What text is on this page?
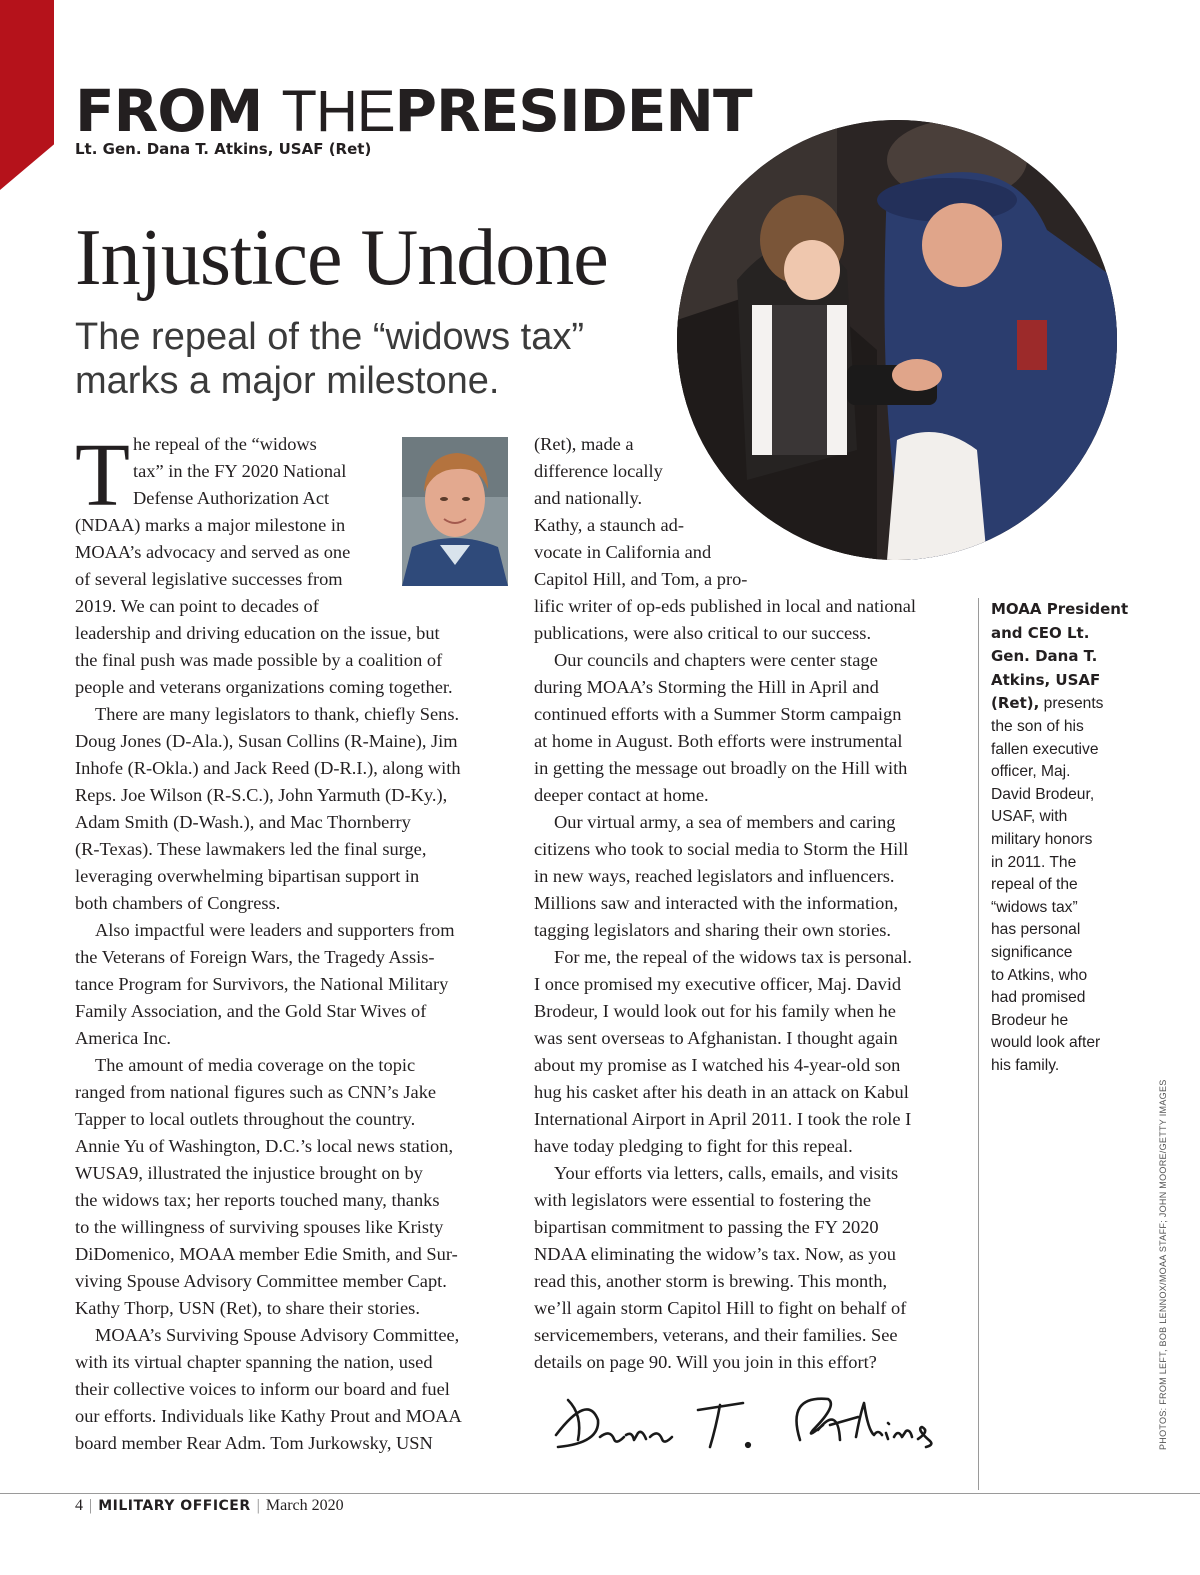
FROM THEPRESIDENT
Lt. Gen. Dana T. Atkins, USAF (Ret)
Injustice Undone
The repeal of the “widows tax”
marks a major milestone.
T he repeal of the “widows
tax” in the FY 2020 National
Defense Authorization Act
(NDAA) marks a major milestone in
MOAA’s advocacy and served as one
of several legislative successes from
2019. We can point to decades of
leadership and driving education on the issue, but
the final push was made possible by a coalition of
people and veterans organizations coming together.
There are many legislators to thank, chiefly Sens.
Doug Jones (D-Ala.), Susan Collins (R-Maine), Jim
Inhofe (R-Okla.) and Jack Reed (D-R.I.), along with
Reps. Joe Wilson (R-S.C.), John Yarmuth (D-Ky.),
Adam Smith (D-Wash.), and Mac Thornberry
(R-Texas). These lawmakers led the final surge,
leveraging overwhelming bipartisan support in
both chambers of Congress.
Also impactful were leaders and supporters from
the Veterans of Foreign Wars, the Tragedy Assis-
tance Program for Survivors, the National Military
Family Association, and the Gold Star Wives of
America Inc.
The amount of media coverage on the topic
ranged from national figures such as CNN’s Jake
Tapper to local outlets throughout the country.
Annie Yu of Washington, D.C.’s local news station,
WUSA9, illustrated the injustice brought on by
the widows tax; her reports touched many, thanks
to the willingness of surviving spouses like Kristy
DiDomenico, MOAA member Edie Smith, and Sur-
viving Spouse Advisory Committee member Capt.
Kathy Thorp, USN (Ret), to share their stories.
MOAA’s Surviving Spouse Advisory Committee,
with its virtual chapter spanning the nation, used
their collective voices to inform our board and fuel
our efforts. Individuals like Kathy Prout and MOAA
board member Rear Adm. Tom Jurkowsky, USN
(Ret), made a
difference locally
and nationally.
Kathy, a staunch ad-
vocate in California and
Capitol Hill, and Tom, a pro-
lific writer of op-eds published in local and national
publications, were also critical to our success.
Our councils and chapters were center stage
during MOAA’s Storming the Hill in April and
continued efforts with a Summer Storm campaign
at home in August. Both efforts were instrumental
in getting the message out broadly on the Hill with
deeper contact at home.
Our virtual army, a sea of members and caring
citizens who took to social media to Storm the Hill
in new ways, reached legislators and influencers.
Millions saw and interacted with the information,
tagging legislators and sharing their own stories.
For me, the repeal of the widows tax is personal.
I once promised my executive officer, Maj. David
Brodeur, I would look out for his family when he
was sent overseas to Afghanistan. I thought again
about my promise as I watched his 4-year-old son
hug his casket after his death in an attack on Kabul
International Airport in April 2011. I took the role I
have today pledging to fight for this repeal.
Your efforts via letters, calls, emails, and visits
with legislators were essential to fostering the
bipartisan commitment to passing the FY 2020
NDAA eliminating the widow’s tax. Now, as you
read this, another storm is brewing. This month,
we’ll again storm Capitol Hill to fight on behalf of
servicemembers, veterans, and their families. See
details on page 90. Will you join in this effort?

MOAA President
and CEO Lt.
Gen. Dana T.
Atkins, USAF
(Ret), presents
the son of his
fallen executive
officer, Maj.
David Brodeur,
USAF, with
military honors
in 2011. The
repeal of the
“widows tax”
has personal
significance
to Atkins, who
had promised
Brodeur he
would look after
his family.

PHOTOS: FROM LEFT, BOB LENNOX/MOAA STAFF; JOHN MOORE/GETTY IMAGES
4 | MILITARY OFFICER | March 2020
